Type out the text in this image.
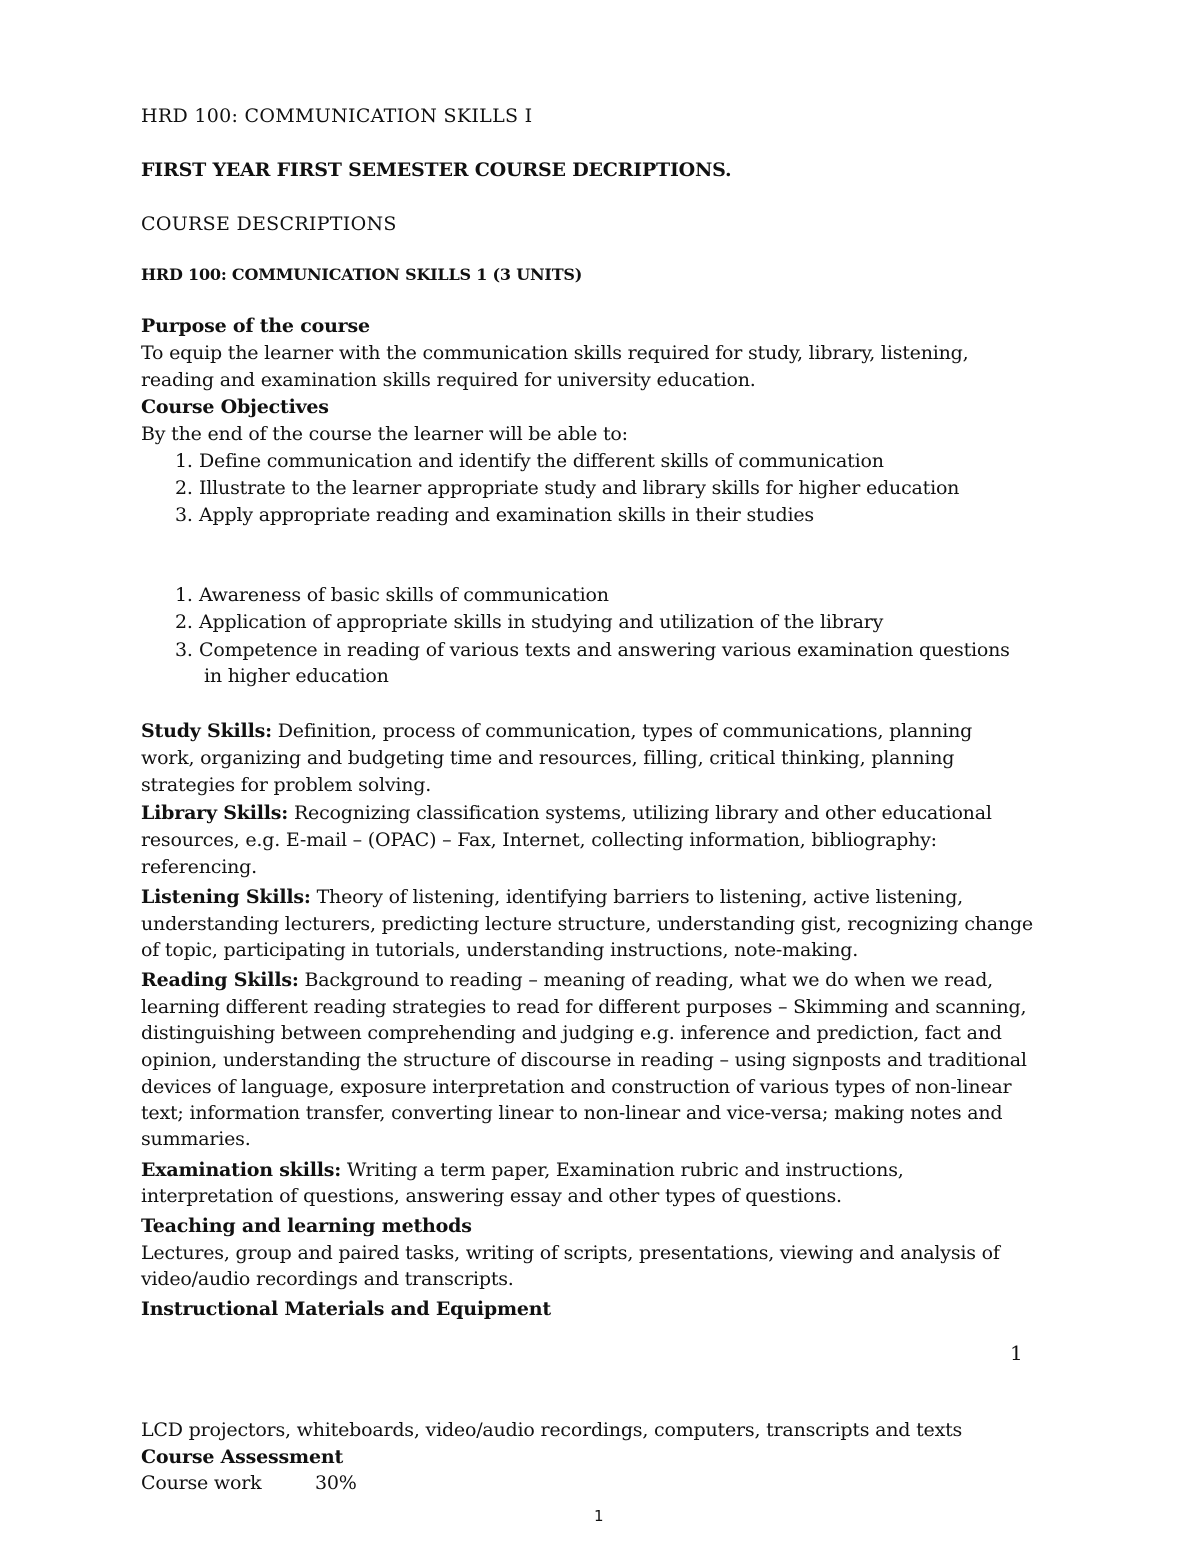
HRD 100: COMMUNICATION SKILLS I
FIRST YEAR FIRST SEMESTER COURSE DECRIPTIONS.
COURSE DESCRIPTIONS
HRD 100: COMMUNICATION SKILLS 1 (3 UNITS)
Purpose of the course
To equip the learner with the communication skills required for study, library, listening,
reading and examination skills required for university education.
Course Objectives
By the end of the course the learner will be able to:
1. Define communication and identify the different skills of communication
2. Illustrate to the learner appropriate study and library skills for higher education
3. Apply appropriate reading and examination skills in their studies
1. Awareness of basic skills of communication
2. Application of appropriate skills in studying and utilization of the library
3. Competence in reading of various texts and answering various examination questions
in higher education
Study Skills: Definition, process of communication, types of communications, planning
work, organizing and budgeting time and resources, filling, critical thinking, planning
strategies for problem solving.
Library Skills: Recognizing classification systems, utilizing library and other educational
resources, e.g. E-mail – (OPAC) – Fax, Internet, collecting information, bibliography:
referencing.
Listening Skills: Theory of listening, identifying barriers to listening, active listening,
understanding lecturers, predicting lecture structure, understanding gist, recognizing change
of topic, participating in tutorials, understanding instructions, note-making.
Reading Skills: Background to reading – meaning of reading, what we do when we read,
learning different reading strategies to read for different purposes – Skimming and scanning,
distinguishing between comprehending and judging e.g. inference and prediction, fact and
opinion, understanding the structure of discourse in reading – using signposts and traditional
devices of language, exposure interpretation and construction of various types of non-linear
text; information transfer, converting linear to non-linear and vice-versa; making notes and
summaries.
Examination skills: Writing a term paper, Examination rubric and instructions,
interpretation of questions, answering essay and other types of questions.
Teaching and learning methods
Lectures, group and paired tasks, writing of scripts, presentations, viewing and analysis of
video/audio recordings and transcripts.
Instructional Materials and Equipment
1
LCD projectors, whiteboards, video/audio recordings, computers, transcripts and texts
Course Assessment
Course work	30%
1
